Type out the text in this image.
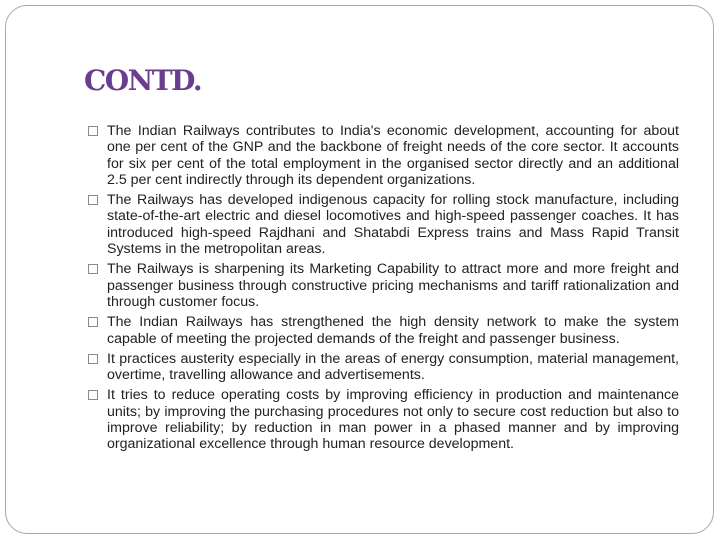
CONTD.
The Indian Railways contributes to India's economic development, accounting for about one per cent of the GNP and the backbone of freight needs of the core sector. It accounts for six per cent of the total employment in the organised sector directly and an additional 2.5 per cent indirectly through its dependent organizations.
The Railways has developed indigenous capacity for rolling stock manufacture, including state-of-the-art electric and diesel locomotives and high-speed passenger coaches. It has introduced high-speed Rajdhani and Shatabdi Express trains and Mass Rapid Transit Systems in the metropolitan areas.
The Railways is sharpening its Marketing Capability to attract more and more freight and passenger business through constructive pricing mechanisms and tariff rationalization and through customer focus.
The Indian Railways has strengthened the high density network to make the system capable of meeting the projected demands of the freight and passenger business.
It practices austerity especially in the areas of energy consumption, material management, overtime, travelling allowance and advertisements.
It tries to reduce operating costs by improving efficiency in production and maintenance units; by improving the purchasing procedures not only to secure cost reduction but also to improve reliability; by reduction in man power in a phased manner and by improving organizational excellence through human resource development.
